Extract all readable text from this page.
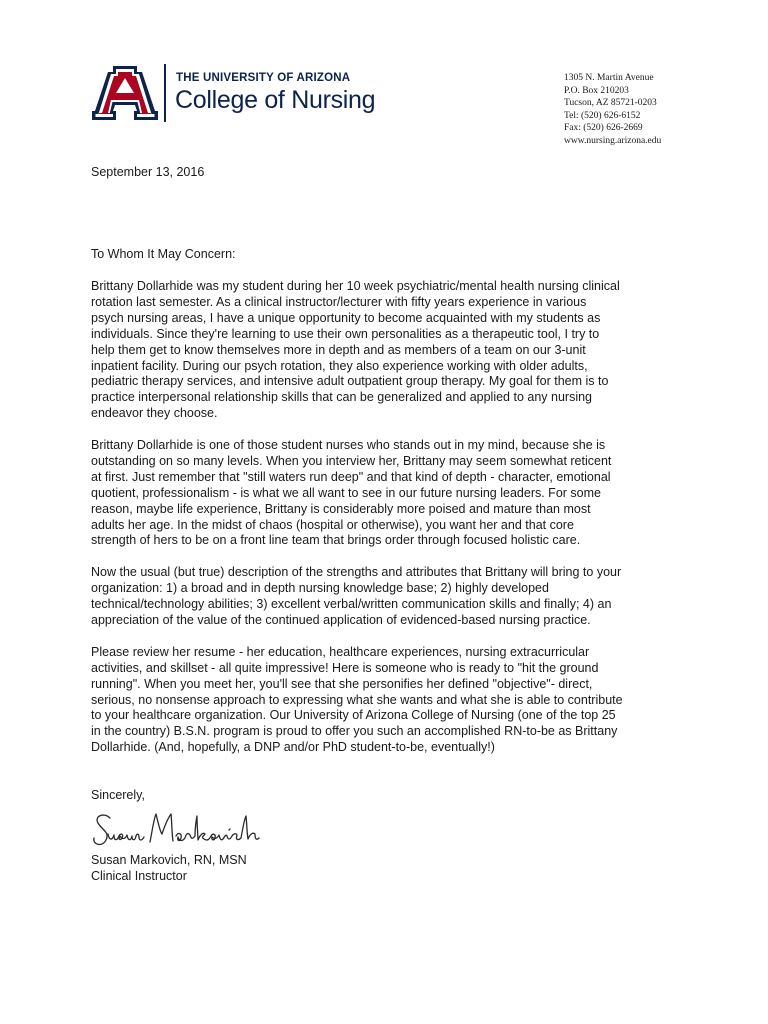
THE UNIVERSITY OF ARIZONA
College of Nursing
1305 N. Martin Avenue
P.O. Box 210203
Tucson, AZ 85721-0203
Tel: (520) 626-6152
Fax: (520) 626-2669
www.nursing.arizona.edu
September 13, 2016
To Whom It May Concern:

Brittany Dollarhide was my student during her 10 week psychiatric/mental health nursing clinical
rotation last semester. As a clinical instructor/lecturer with fifty years experience in various
psych nursing areas, I have a unique opportunity to become acquainted with my students as
individuals. Since they're learning to use their own personalities as a therapeutic tool, I try to
help them get to know themselves more in depth and as members of a team on our 3-unit
inpatient facility. During our psych rotation, they also experience working with older adults,
pediatric therapy services, and intensive adult outpatient group therapy. My goal for them is to
practice interpersonal relationship skills that can be generalized and applied to any nursing
endeavor they choose.

Brittany Dollarhide is one of those student nurses who stands out in my mind, because she is
outstanding on so many levels. When you interview her, Brittany may seem somewhat reticent
at first. Just remember that "still waters run deep" and that kind of depth - character, emotional
quotient, professionalism - is what we all want to see in our future nursing leaders. For some
reason, maybe life experience, Brittany is considerably more poised and mature than most
adults her age. In the midst of chaos (hospital or otherwise), you want her and that core
strength of hers to be on a front line team that brings order through focused holistic care.

Now the usual (but true) description of the strengths and attributes that Brittany will bring to your
organization: 1) a broad and in depth nursing knowledge base; 2) highly developed
technical/technology abilities; 3) excellent verbal/written communication skills and finally; 4) an
appreciation of the value of the continued application of evidenced-based nursing practice.

Please review her resume - her education, healthcare experiences, nursing extracurricular
activities, and skillset - all quite impressive! Here is someone who is ready to "hit the ground
running". When you meet her, you'll see that she personifies her defined "objective"- direct,
serious, no nonsense approach to expressing what she wants and what she is able to contribute
to your healthcare organization. Our University of Arizona College of Nursing (one of the top 25
in the country) B.S.N. program is proud to offer you such an accomplished RN-to-be as Brittany
Dollarhide. (And, hopefully, a DNP and/or PhD student-to-be, eventually!)

Sincerely,
Susan Markovich, RN, MSN
Clinical Instructor
